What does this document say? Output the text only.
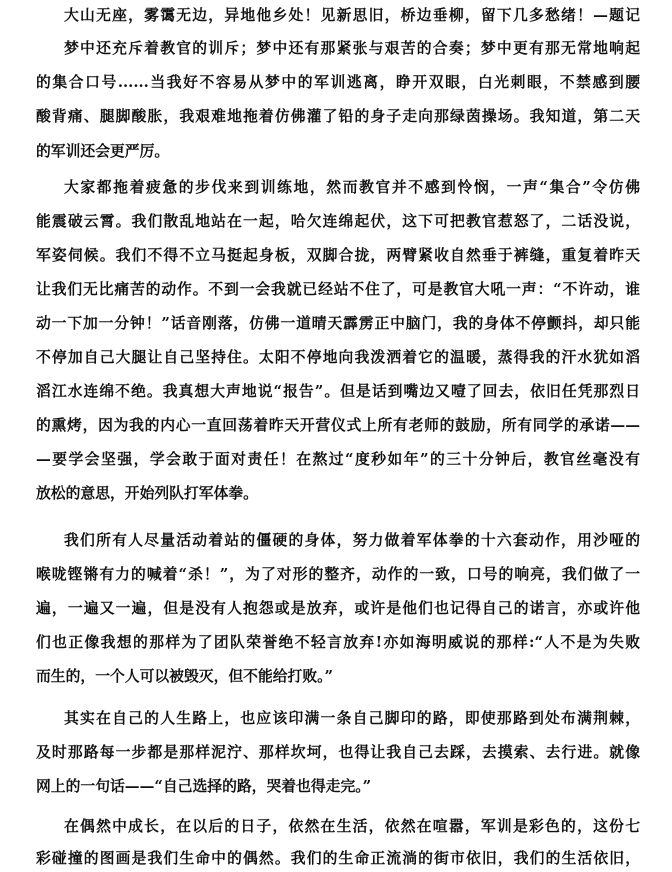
大山无座，雾霭无边，异地他乡处！见新思旧，桥边垂柳，留下几多愁绪！—题记

梦中还充斥着教官的训斥；梦中还有那紧张与艰苦的合奏；梦中更有那无常地响起

的集合口号......当我好不容易从梦中的军训逃离，睁开双眼，白光刺眼，不禁感到腰

酸背痛、腿脚酸胀，我艰难地拖着仿佛灌了铅的身子走向那绿茵操场。我知道，第二天

的军训还会更严厉。

大家都拖着疲惫的步伐来到训练地，然而教官并不感到怜悯，一声“集合”令仿佛

能震破云霄。我们散乱地站在一起，哈欠连绵起伏，这下可把教官惹怒了，二话没说，

军姿伺候。我们不得不立马挺起身板，双脚合拢，两臂紧收自然垂于裤缝，重复着昨天

让我们无比痛苦的动作。不到一会我就已经站不住了，可是教官大吼一声：“不许动，谁

动一下加一分钟！”话音刚落，仿佛一道晴天霹雳正中脑门，我的身体不停颤抖，却只能

不停加自己大腿让自己坚持住。太阳不停地向我泼洒着它的温暖，蒸得我的汗水犹如滔

滔江水连绵不绝。我真想大声地说“报告”。但是话到嘴边又噎了回去，依旧任凭那烈日

的熏烤，因为我的内心一直回荡着昨天开营仪式上所有老师的鼓励，所有同学的承诺——

—要学会坚强，学会敢于面对责任！在熬过“度秒如年”的三十分钟后，教官丝毫没有

放松的意思，开始列队打军体拳。

我们所有人尽量活动着站的僵硬的身体，努力做着军体拳的十六套动作，用沙哑的

喉咙铿锵有力的喊着“杀！”，为了对形的整齐，动作的一致，口号的响亮，我们做了一

遍，一遍又一遍，但是没有人抱怨或是放弃，或许是他们也记得自己的诺言，亦或许他

们也正像我想的那样为了团队荣誉绝不轻言放弃!亦如海明威说的那样:“人不是为失败

而生的，一个人可以被毁灭，但不能给打败。”

其实在自己的人生路上，也应该印满一条自己脚印的路，即使那路到处布满荆棘，

及时那路每一步都是那样泥泞、那样坎坷，也得让我自己去踩，去摸索、去行进。就像

网上的一句话——“自己选择的路，哭着也得走完。”

在偶然中成长，在以后的日子，依然在生活，依然在喧嚣，军训是彩色的，这份七

彩碰撞的图画是我们生命中的偶然。我们的生命正流淌的街市依旧，我们的生活依旧，
